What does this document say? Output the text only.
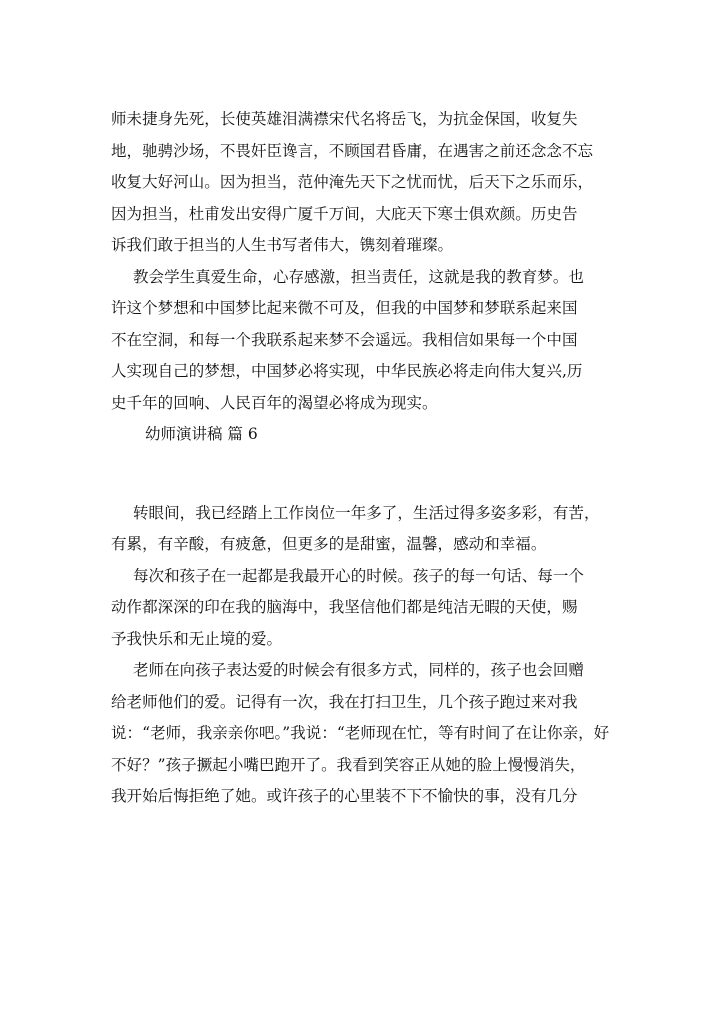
师未捷身先死，长使英雄泪满襟宋代名将岳飞，为抗金保国，收复失
地，驰骋沙场，不畏奸臣谗言，不顾国君昏庸，在遇害之前还念念不忘
收复大好河山。因为担当，范仲淹先天下之忧而忧，后天下之乐而乐，
因为担当，杜甫发出安得广厦千万间，大庇天下寒士俱欢颜。历史告
诉我们敢于担当的人生书写者伟大，镌刻着璀璨。
教会学生真爱生命，心存感激，担当责任，这就是我的教育梦。也
许这个梦想和中国梦比起来微不可及，但我的中国梦和梦联系起来国
不在空洞，和每一个我联系起来梦不会遥远。我相信如果每一个中国
人实现自己的梦想，中国梦必将实现，中华民族必将走向伟大复兴,历
史千年的回响、人民百年的渴望必将成为现实。
幼师演讲稿 篇 6
转眼间，我已经踏上工作岗位一年多了，生活过得多姿多彩，有苦，
有累，有辛酸，有疲惫，但更多的是甜蜜，温馨，感动和幸福。
每次和孩子在一起都是我最开心的时候。孩子的每一句话、每一个
动作都深深的印在我的脑海中，我坚信他们都是纯洁无暇的天使，赐
予我快乐和无止境的爱。
老师在向孩子表达爱的时候会有很多方式，同样的，孩子也会回赠
给老师他们的爱。记得有一次，我在打扫卫生，几个孩子跑过来对我
说：“老师，我亲亲你吧。”我说：“老师现在忙，等有时间了在让你亲，好
不好？”孩子撅起小嘴巴跑开了。我看到笑容正从她的脸上慢慢消失，
我开始后悔拒绝了她。或许孩子的心里装不下不愉快的事，没有几分
